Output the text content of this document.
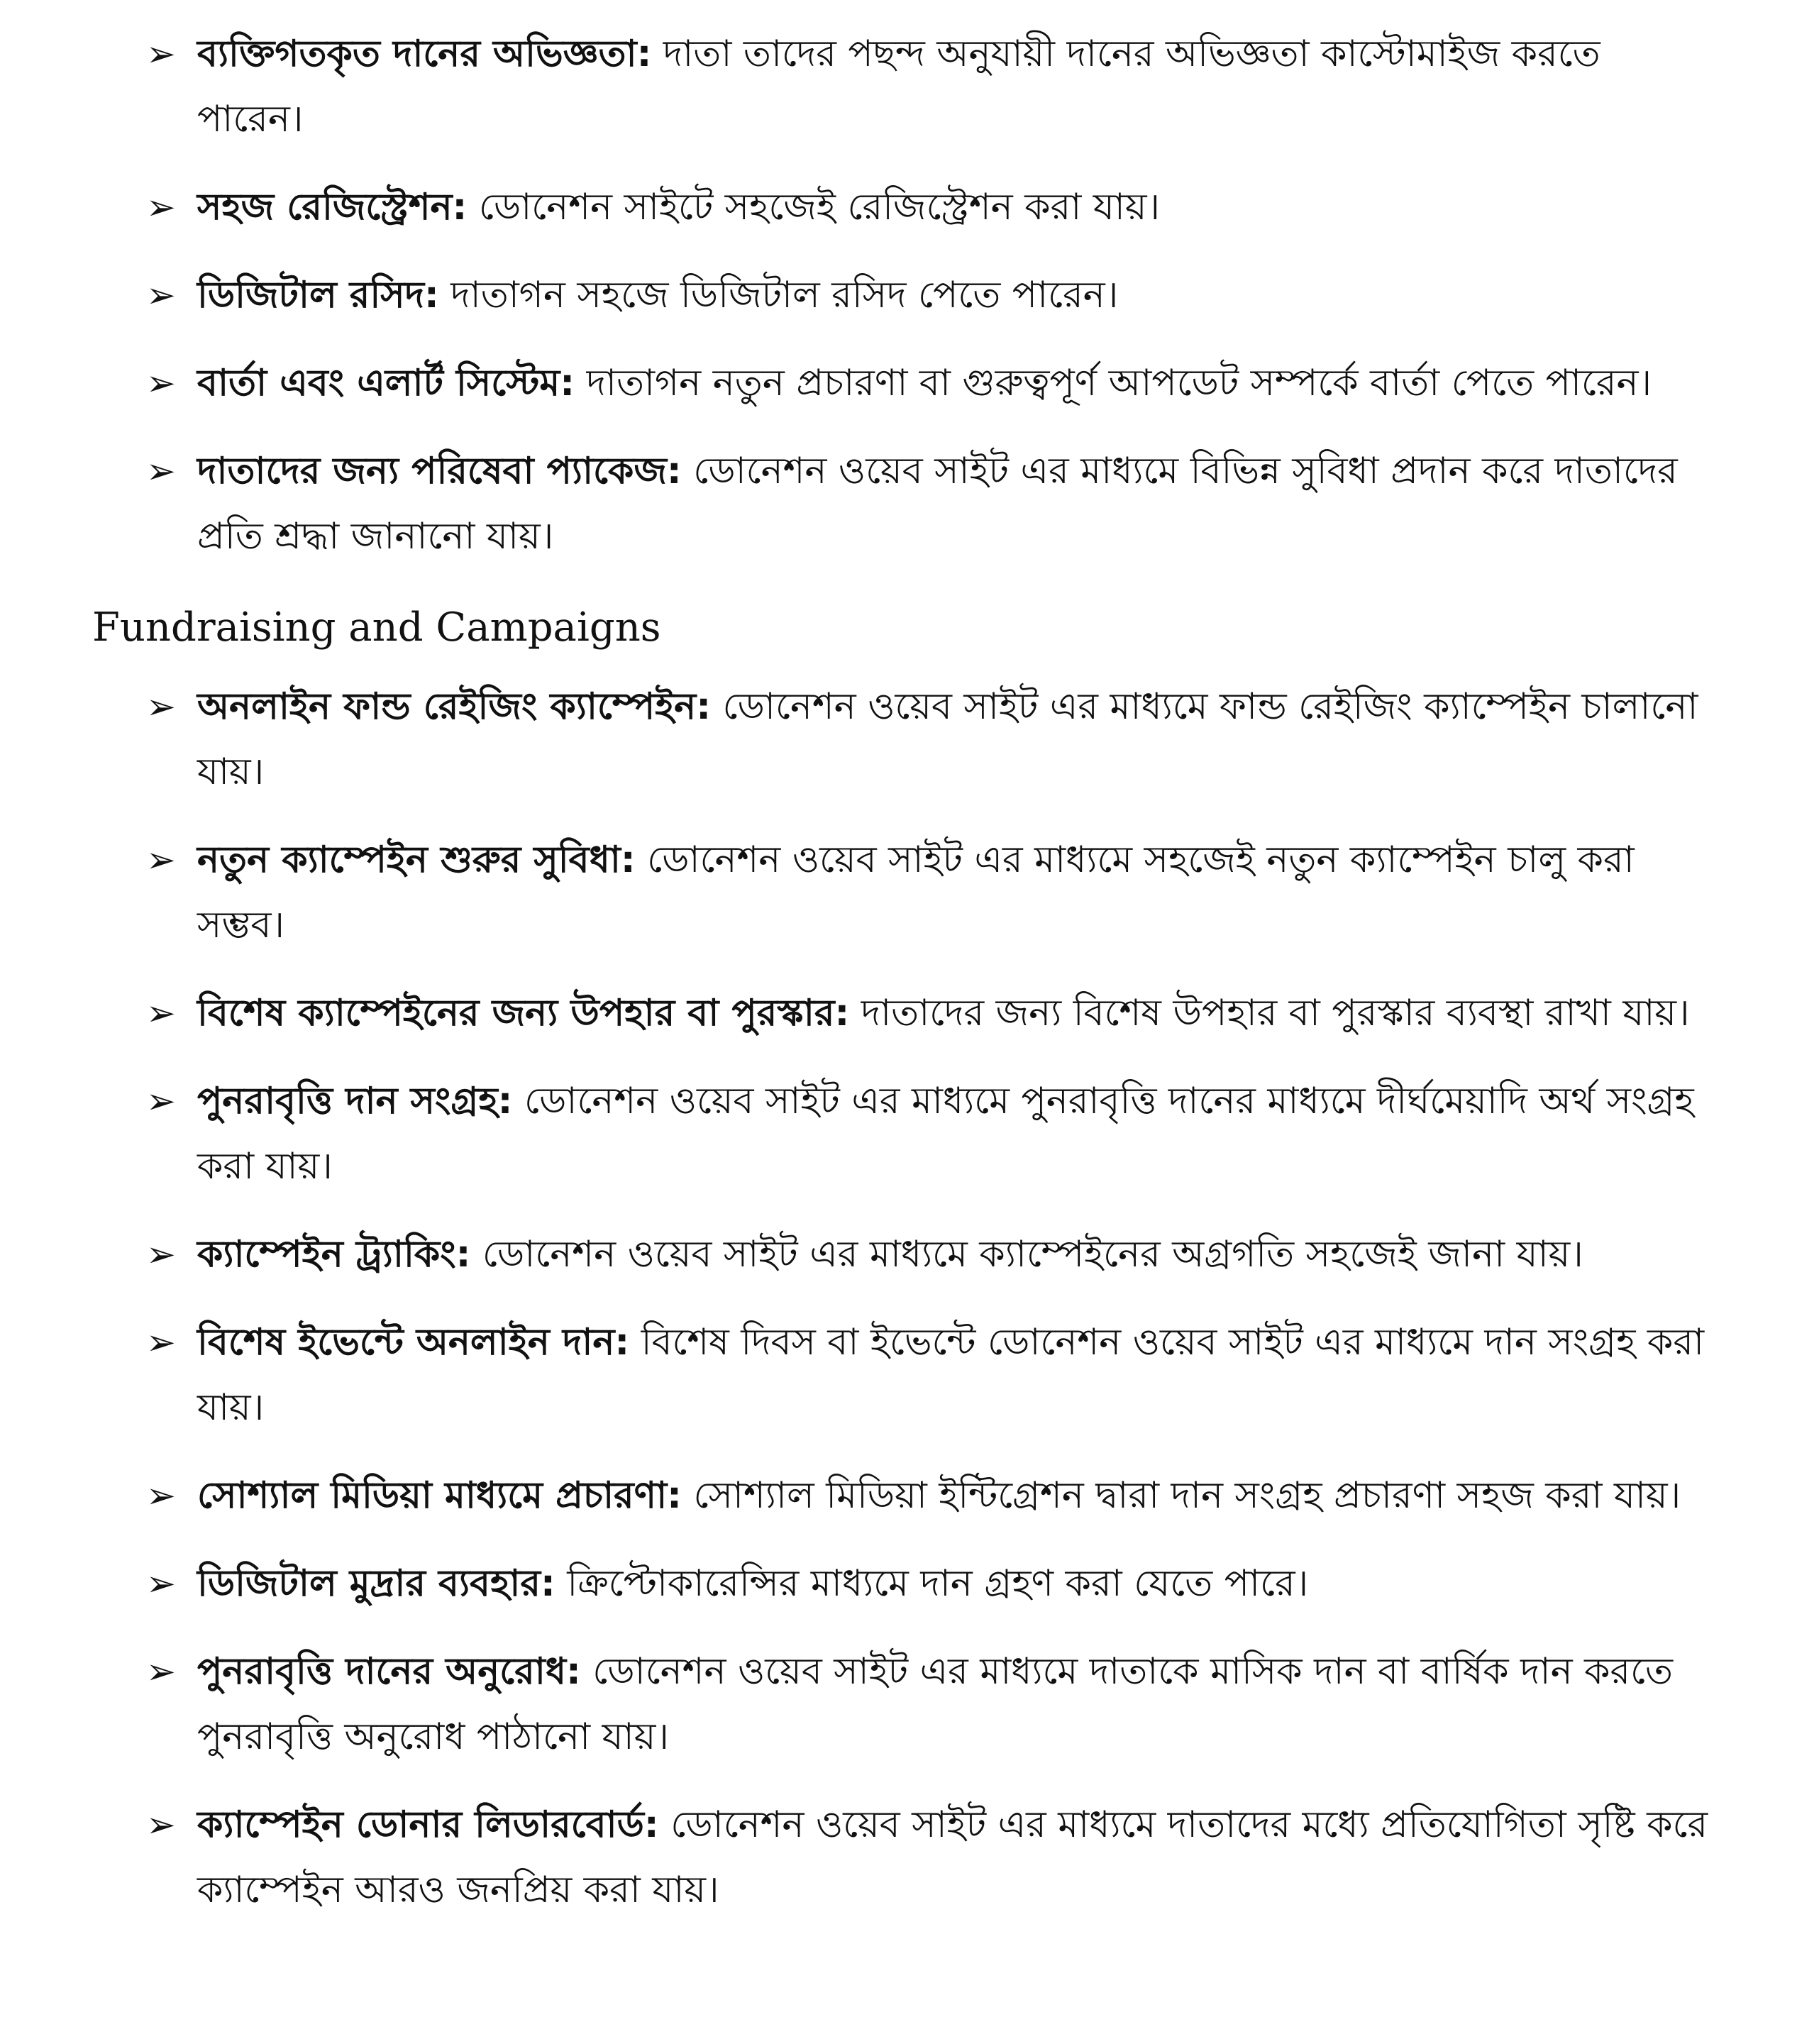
➢ ব্যক্তিগতকৃত দানের অভিজ্ঞতা: দাতা তাদের পছন্দ অনুযায়ী দানের অভিজ্ঞতা কাস্টোমাইজ করতে পারেন।
➢ সহজ রেজিস্ট্রেশন: ডোনেশন সাইটে সহজেই রেজিস্ট্রেশন করা যায়।
➢ ডিজিটাল রসিদ: দাতাগন সহজে ডিজিটাল রসিদ পেতে পারেন।
➢ বার্তা এবং এলার্ট সিস্টেম: দাতাগন নতুন প্রচারণা বা গুরুত্বপূর্ণ আপডেট সম্পর্কে বার্তা পেতে পারেন।
➢ দাতাদের জন্য পরিষেবা প্যাকেজ: ডোনেশন ওয়েব সাইট এর মাধ্যমে বিভিন্ন সুবিধা প্রদান করে দাতাদের প্রতি শ্রদ্ধা জানানো যায়।
Fundraising and Campaigns
➢ অনলাইন ফান্ড রেইজিং ক্যাম্পেইন: ডোনেশন ওয়েব সাইট এর মাধ্যমে ফান্ড রেইজিং ক্যাম্পেইন চালানো যায়।
➢ নতুন ক্যাম্পেইন শুরুর সুবিধা: ডোনেশন ওয়েব সাইট এর মাধ্যমে সহজেই নতুন ক্যাম্পেইন চালু করা সম্ভব।
➢ বিশেষ ক্যাম্পেইনের জন্য উপহার বা পুরস্কার: দাতাদের জন্য বিশেষ উপহার বা পুরস্কার ব্যবস্থা রাখা যায়।
➢ পুনরাবৃত্তি দান সংগ্রহ: ডোনেশন ওয়েব সাইট এর মাধ্যমে পুনরাবৃত্তি দানের মাধ্যমে দীর্ঘমেয়াদি অর্থ সংগ্রহ করা যায়।
➢ ক্যাম্পেইন ট্র্যাকিং: ডোনেশন ওয়েব সাইট এর মাধ্যমে ক্যাম্পেইনের অগ্রগতি সহজেই জানা যায়।
➢ বিশেষ ইভেন্টে অনলাইন দান: বিশেষ দিবস বা ইভেন্টে ডোনেশন ওয়েব সাইট এর মাধ্যমে দান সংগ্রহ করা যায়।
➢ সোশ্যাল মিডিয়া মাধ্যমে প্রচারণা: সোশ্যাল মিডিয়া ইন্টিগ্রেশন দ্বারা দান সংগ্রহ প্রচারণা সহজ করা যায়।
➢ ডিজিটাল মুদ্রার ব্যবহার: ক্রিপ্টোকারেন্সির মাধ্যমে দান গ্রহণ করা যেতে পারে।
➢ পুনরাবৃত্তি দানের অনুরোধ: ডোনেশন ওয়েব সাইট এর মাধ্যমে দাতাকে মাসিক দান বা বার্ষিক দান করতে পুনরাবৃত্তি অনুরোধ পাঠানো যায়।
➢ ক্যাম্পেইন ডোনার লিডারবোর্ড: ডোনেশন ওয়েব সাইট এর মাধ্যমে দাতাদের মধ্যে প্রতিযোগিতা সৃষ্টি করে ক্যাম্পেইন আরও জনপ্রিয় করা যায়।
